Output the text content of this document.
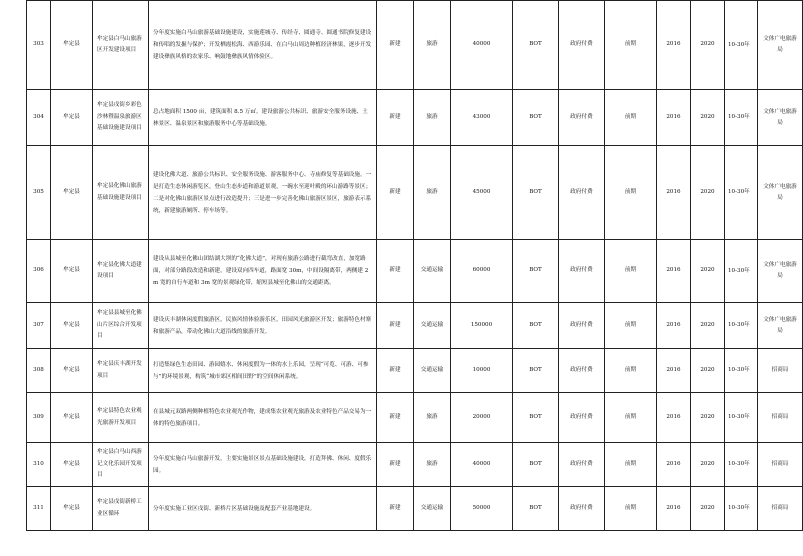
303	牟定县	牟定县白马山旅游区开发建设项目	分年度实施白马山旅游基础设施建设，实施莲城寺、传经寺、圆通寺、圆通书院修复建设和传唱的发掘与保护；开发栖霞松海、西游乐园、在白马山周边种植经济林果，逐步开发建设彝族风格的农家乐、响鼓地彝族风情体验区。	新建	旅游	40000	BOT	政府付费	前期	2016	2020	10-30年	文体广电旅游局
304	牟定县	牟定县戌街乡彩色沙林暨温泉旅游区基础设施建设项目	总占地面积 1500 亩，建筑面积 8.5 万㎡。建设旅游公共标识、旅游安全服务设施、土林景区、温泉景区和旅游服务中心等基础设施。	新建	旅游	43000	BOT	政府付费	前期	2016	2020	10-30年	文体广电旅游局
305	牟定县	牟定县化佛山旅游基础设施建设项目	建设化佛大道、旅游公共标识、安全服务设施、游客服务中心、寺庙修复等基础设施。一是打造生态休闲游览区，登山生态步道和游道景观，一碗水至迎叶殿的环山游路等景区；二是对化佛山旅游区景点进行改造提升；三是进一步完善化佛山旅游区景区，旅游表示系统，新建旅游厕所、停车场等。	新建	旅游	45000	BOT	政府付费	前期	2016	2020	10-30年	文体广电旅游局
306	牟定县	牟定县化佛大道建设项目	建设从县城至化佛山团结湖大坝的“化佛大道”，对现有旅游公路进行截弯改直，加宽路面，对部分路段改造和新建，建设双向四车道，路面宽 30m，中间设隔离带，两侧建 2m 宽的自行车道和 3m 宽的景观绿化带，缩短县城至化佛山的交通距离。	新建	交通运输	60000	BOT	政府付费	前期	2016	2020	10-30年	文体广电旅游局
307	牟定县	牟定县县城至化佛山片区综合开发项目	建设庆丰湖休闲度假旅游区，民族风情体验游乐区，田园风光旅游区开发；旅游特色村寨和旅游产品，带动化佛山大道沿线的旅游开发。	新建	交通运输	150000	BOT	政府付费	前期	2016	2020	10-30年	文体广电旅游局
308	牟定县	牟定县庆丰湖开发项目	打造集绿色生态田园、游园嬉水、休闲度假为一体的水上乐园，呈现“可览、可游、可参与”的环境景观，构筑“城市郊区相间田野”的空间休闲系统。	新建	交通运输	10000	BOT	政府付费	前期	2016	2020	10-30年	招商局
309	牟定县	牟定县特色农业观光旅游开发项目	在县城元双路两侧种植特色农业观光作物，建成集农业观光旅游及农业特色产品交易为一体的特色旅游项目。	新建	旅游	20000	BOT	政府付费	前期	2016	2020	10-30年	招商局
310	牟定县	牟定县白马山西游记文化乐园开发项目	分年度实施白马山旅游开发，主要实施景区景点基础设施建设，打造拜佛、休闲、度假乐园。	新建	旅游	40000	BOT	政府付费	前期	2016	2020	10-30年	招商局
311	牟定县	牟定县戌街新桥工业区循环	分年度实施工业区戌街、新桥片区基础设施及配套产业基地建设。	新建	交通运输	50000	BOT	政府付费	前期	2016	2020	10-30年	招商局
